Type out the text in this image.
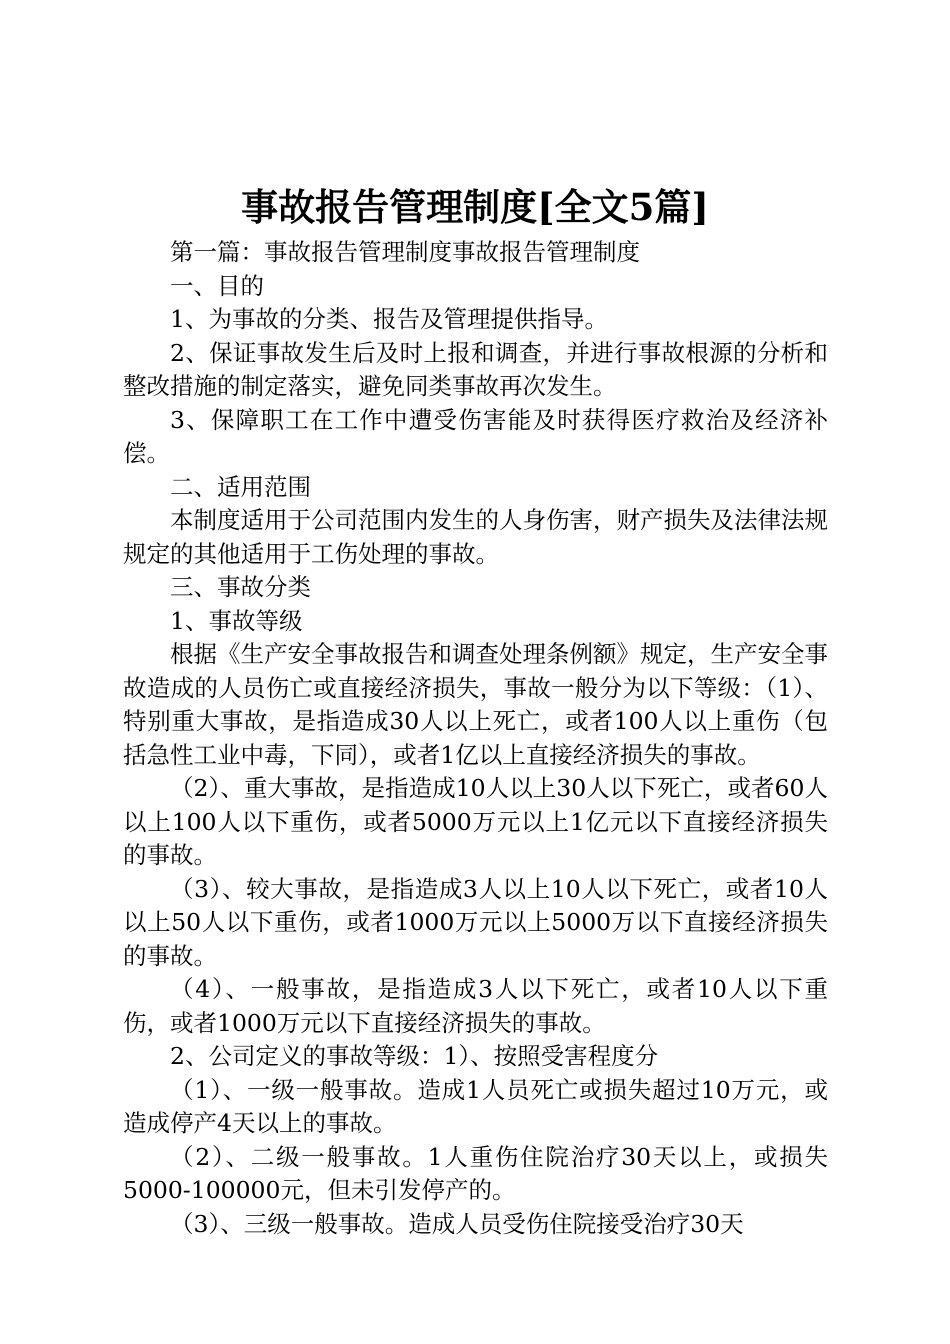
事故报告管理制度[全文5篇]

第一篇：事故报告管理制度事故报告管理制度

一、目的

1、为事故的分类、报告及管理提供指导。

2、保证事故发生后及时上报和调查，并进行事故根源的分析和整改措施的制定落实，避免同类事故再次发生。

3、保障职工在工作中遭受伤害能及时获得医疗救治及经济补偿。

二、适用范围

本制度适用于公司范围内发生的人身伤害，财产损失及法律法规规定的其他适用于工伤处理的事故。

三、事故分类

1、事故等级

根据《生产安全事故报告和调查处理条例额》规定，生产安全事故造成的人员伤亡或直接经济损失，事故一般分为以下等级：（1）、特别重大事故，是指造成30人以上死亡，或者100人以上重伤（包括急性工业中毒，下同），或者1亿以上直接经济损失的事故。

（2）、重大事故，是指造成10人以上30人以下死亡，或者60人以上100人以下重伤，或者5000万元以上1亿元以下直接经济损失的事故。

（3）、较大事故，是指造成3人以上10人以下死亡，或者10人以上50人以下重伤，或者1000万元以上5000万以下直接经济损失的事故。

（4）、一般事故，是指造成3人以下死亡，或者10人以下重伤，或者1000万元以下直接经济损失的事故。

2、公司定义的事故等级：1）、按照受害程度分

（1）、一级一般事故。造成1人员死亡或损失超过10万元，或造成停产4天以上的事故。

（2）、二级一般事故。1人重伤住院治疗30天以上，或损失5000-100000元，但未引发停产的。

（3）、三级一般事故。造成人员受伤住院接受治疗30天
